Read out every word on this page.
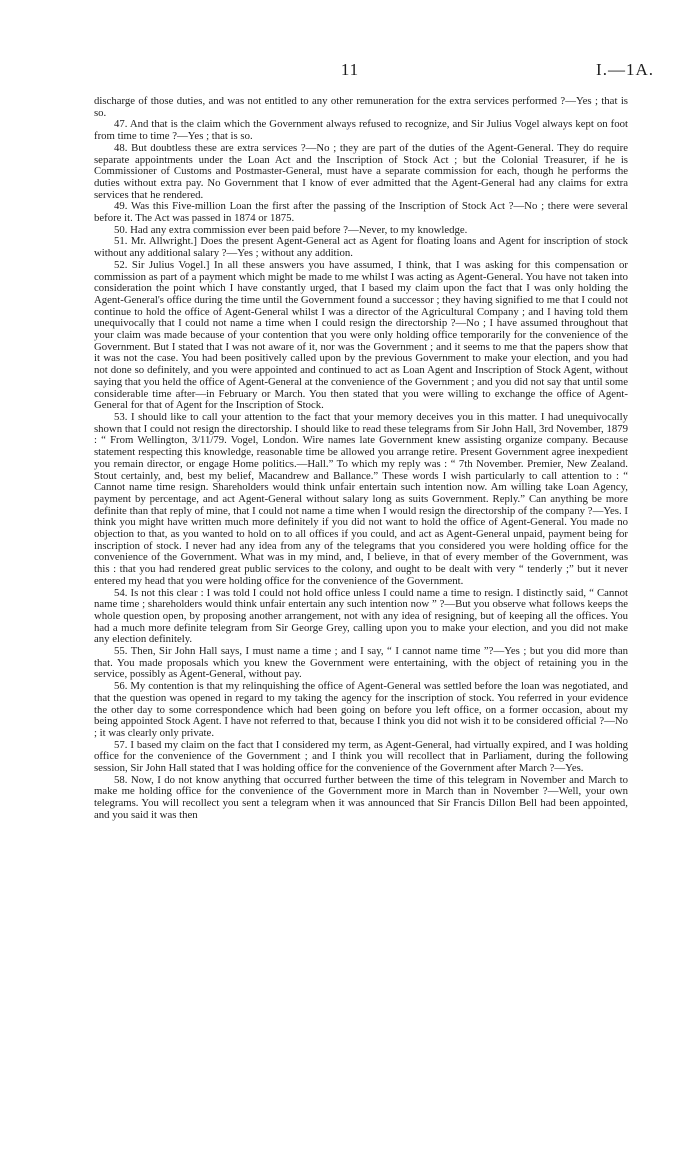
11	I.—1A.

discharge of those duties, and was not entitled to any other remuneration for the extra services performed ?—Yes ; that is so.

47. And that is the claim which the Government always refused to recognize, and Sir Julius Vogel always kept on foot from time to time ?—Yes ; that is so.

48. But doubtless these are extra services ?—No ; they are part of the duties of the Agent-General. They do require separate appointments under the Loan Act and the Inscription of Stock Act ; but the Colonial Treasurer, if he is Commissioner of Customs and Postmaster-General, must have a separate commission for each, though he performs the duties without extra pay. No Government that I know of ever admitted that the Agent-General had any claims for extra services that he rendered.

49. Was this Five-million Loan the first after the passing of the Inscription of Stock Act ?—No ; there were several before it. The Act was passed in 1874 or 1875.

50. Had any extra commission ever been paid before ?—Never, to my knowledge.

51. Mr. Allwright.] Does the present Agent-General act as Agent for floating loans and Agent for inscription of stock without any additional salary ?—Yes ; without any addition.

52. Sir Julius Vogel.] In all these answers you have assumed, I think, that I was asking for this compensation or commission as part of a payment which might be made to me whilst I was acting as Agent-General. You have not taken into consideration the point which I have constantly urged, that I based my claim upon the fact that I was only holding the Agent-General's office during the time until the Government found a successor ; they having signified to me that I could not continue to hold the office of Agent-General whilst I was a director of the Agricultural Company ; and I having told them unequivocally that I could not name a time when I could resign the directorship ?—No ; I have assumed throughout that your claim was made because of your contention that you were only holding office temporarily for the convenience of the Government. But I stated that I was not aware of it, nor was the Government ; and it seems to me that the papers show that it was not the case. You had been positively called upon by the previous Government to make your election, and you had not done so definitely, and you were appointed and continued to act as Loan Agent and Inscription of Stock Agent, without saying that you held the office of Agent-General at the convenience of the Government ; and you did not say that until some considerable time after—in February or March. You then stated that you were willing to exchange the office of Agent-General for that of Agent for the Inscription of Stock.

53. I should like to call your attention to the fact that your memory deceives you in this matter. I had unequivocally shown that I could not resign the directorship. I should like to read these telegrams from Sir John Hall, 3rd November, 1879 : “ From Wellington, 3/11/79. Vogel, London. Wire names late Government knew assisting organize company. Because statement respecting this knowledge, reasonable time be allowed you arrange retire. Present Government agree inexpedient you remain director, or engage Home politics.—Hall.” To which my reply was : “ 7th November. Premier, New Zealand. Stout certainly, and, best my belief, Macandrew and Ballance.” These words I wish particularly to call attention to : “ Cannot name time resign. Shareholders would think unfair entertain such intention now. Am willing take Loan Agency, payment by percentage, and act Agent-General without salary long as suits Government. Reply.” Can anything be more definite than that reply of mine, that I could not name a time when I would resign the directorship of the company ?—Yes. I think you might have written much more definitely if you did not want to hold the office of Agent-General. You made no objection to that, as you wanted to hold on to all offices if you could, and act as Agent-General unpaid, payment being for inscription of stock. I never had any idea from any of the telegrams that you considered you were holding office for the convenience of the Government. What was in my mind, and, I believe, in that of every member of the Government, was this : that you had rendered great public services to the colony, and ought to be dealt with very “ tenderly ;” but it never entered my head that you were holding office for the convenience of the Government.

54. Is not this clear : I was told I could not hold office unless I could name a time to resign. I distinctly said, “ Cannot name time ; shareholders would think unfair entertain any such intention now ” ?—But you observe what follows keeps the whole question open, by proposing another arrangement, not with any idea of resigning, but of keeping all the offices. You had a much more definite telegram from Sir George Grey, calling upon you to make your election, and you did not make any election definitely.

55. Then, Sir John Hall says, I must name a time ; and I say, “ I cannot name time ”?—Yes ; but you did more than that. You made proposals which you knew the Government were entertaining, with the object of retaining you in the service, possibly as Agent-General, without pay.

56. My contention is that my relinquishing the office of Agent-General was settled before the loan was negotiated, and that the question was opened in regard to my taking the agency for the inscription of stock. You referred in your evidence the other day to some correspondence which had been going on before you left office, on a former occasion, about my being appointed Stock Agent. I have not referred to that, because I think you did not wish it to be considered official ?—No ; it was clearly only private.

57. I based my claim on the fact that I considered my term, as Agent-General, had virtually expired, and I was holding office for the convenience of the Government ; and I think you will recollect that in Parliament, during the following session, Sir John Hall stated that I was holding office for the convenience of the Government after March ?—Yes.

58. Now, I do not know anything that occurred further between the time of this telegram in November and March to make me holding office for the convenience of the Government more in March than in November ?—Well, your own telegrams. You will recollect you sent a telegram when it was announced that Sir Francis Dillon Bell had been appointed, and you said it was then
